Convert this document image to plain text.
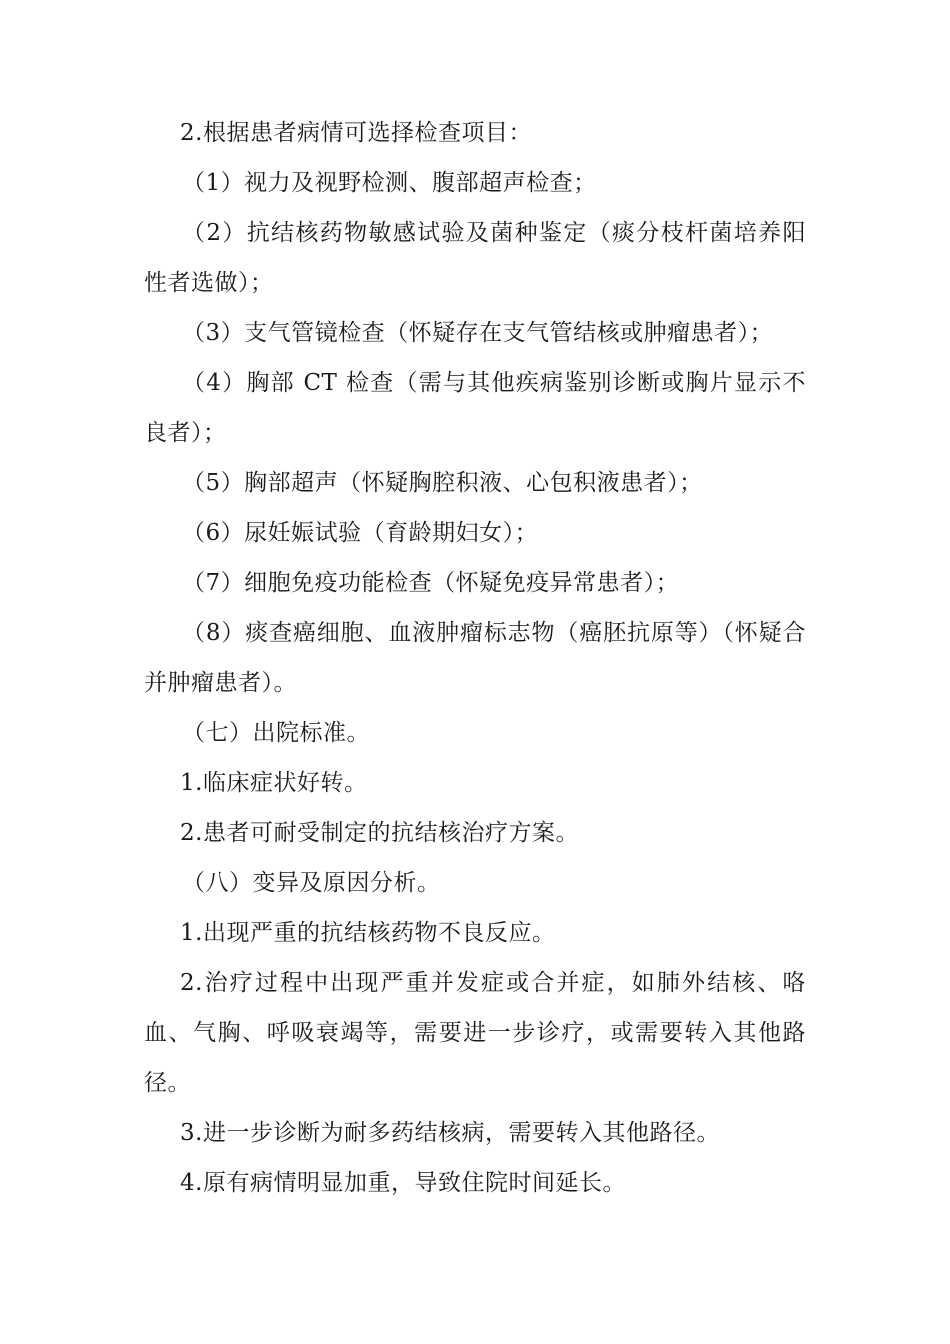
2.根据患者病情可选择检查项目：

（1）视力及视野检测、腹部超声检查；

（2）抗结核药物敏感试验及菌种鉴定（痰分枝杆菌培养阳性者选做）；

（3）支气管镜检查（怀疑存在支气管结核或肿瘤患者）；

（4）胸部 CT 检查（需与其他疾病鉴别诊断或胸片显示不良者）；

（5）胸部超声（怀疑胸腔积液、心包积液患者）；

（6）尿妊娠试验（育龄期妇女）；

（7）细胞免疫功能检查（怀疑免疫异常患者）；

（8）痰查癌细胞、血液肿瘤标志物（癌胚抗原等）（怀疑合并肿瘤患者）。

（七）出院标准。

1.临床症状好转。

2.患者可耐受制定的抗结核治疗方案。

（八）变异及原因分析。

1.出现严重的抗结核药物不良反应。

2.治疗过程中出现严重并发症或合并症，如肺外结核、咯血、气胸、呼吸衰竭等，需要进一步诊疗，或需要转入其他路径。

3.进一步诊断为耐多药结核病，需要转入其他路径。

4.原有病情明显加重，导致住院时间延长。
